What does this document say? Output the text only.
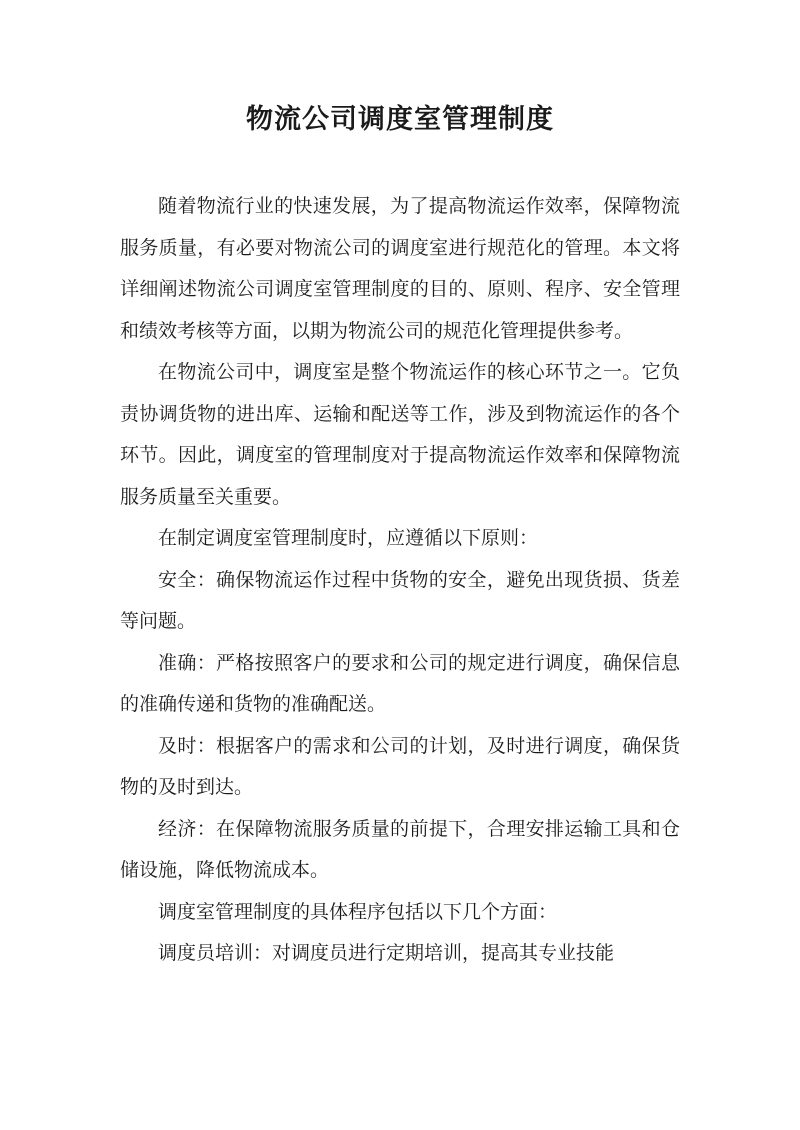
物流公司调度室管理制度

随着物流行业的快速发展，为了提高物流运作效率，保障物流服务质量，有必要对物流公司的调度室进行规范化的管理。本文将详细阐述物流公司调度室管理制度的目的、原则、程序、安全管理和绩效考核等方面，以期为物流公司的规范化管理提供参考。

在物流公司中，调度室是整个物流运作的核心环节之一。它负责协调货物的进出库、运输和配送等工作，涉及到物流运作的各个环节。因此，调度室的管理制度对于提高物流运作效率和保障物流服务质量至关重要。

在制定调度室管理制度时，应遵循以下原则：

安全：确保物流运作过程中货物的安全，避免出现货损、货差等问题。

准确：严格按照客户的要求和公司的规定进行调度，确保信息的准确传递和货物的准确配送。

及时：根据客户的需求和公司的计划，及时进行调度，确保货物的及时到达。

经济：在保障物流服务质量的前提下，合理安排运输工具和仓储设施，降低物流成本。

调度室管理制度的具体程序包括以下几个方面：

调度员培训：对调度员进行定期培训，提高其专业技能
